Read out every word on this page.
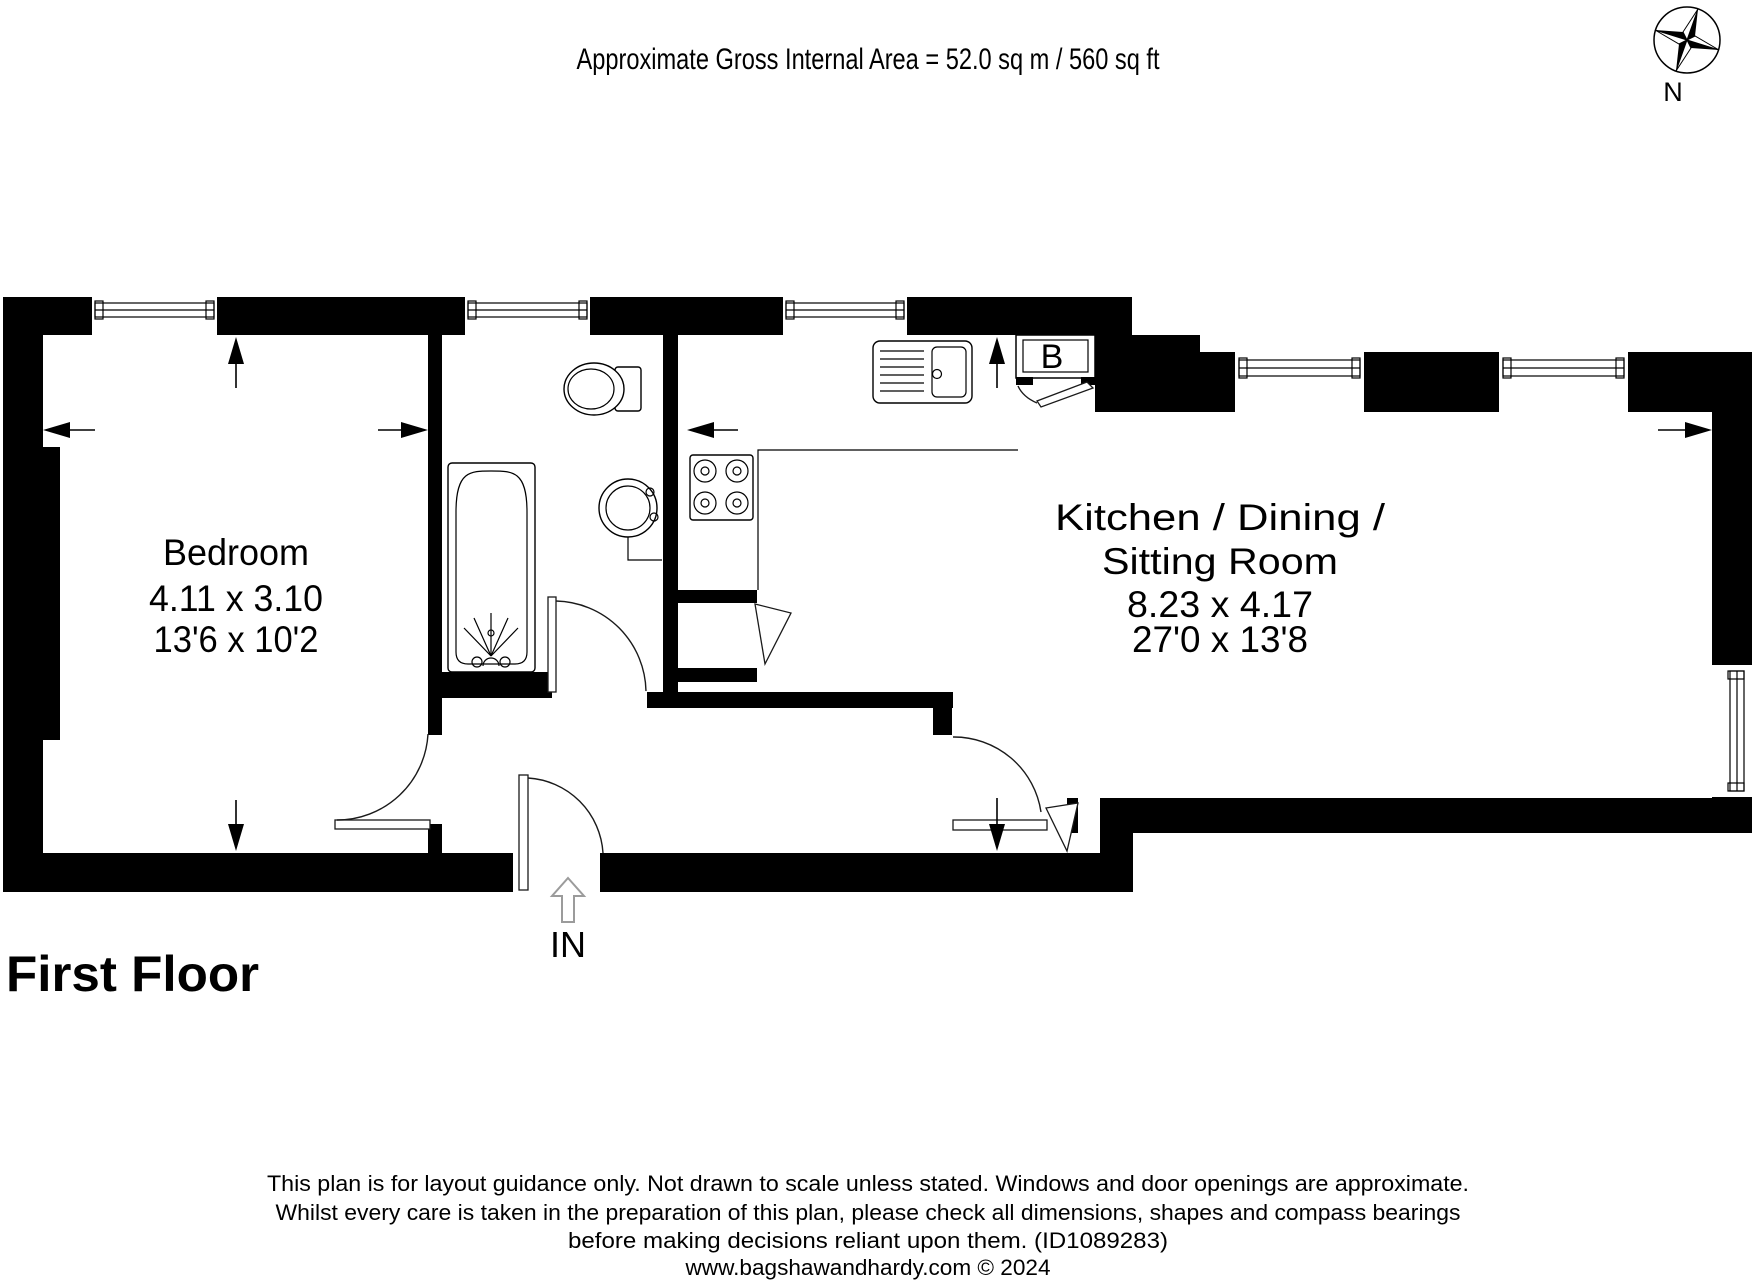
Approximate Gross Internal Area = 52.0 sq m / 560 sq ft
N
B
IN
Bedroom
4.11 x 3.10
13'6 x 10'2
Kitchen / Dining /
Sitting Room
8.23 x 4.17
27'0 x 13'8
First Floor
This plan is for layout guidance only. Not drawn to scale unless stated. Windows and door openings are approximate.
Whilst every care is taken in the preparation of this plan, please check all dimensions, shapes and compass bearings
before making decisions reliant upon them. (ID1089283)
www.bagshawandhardy.com © 2024
